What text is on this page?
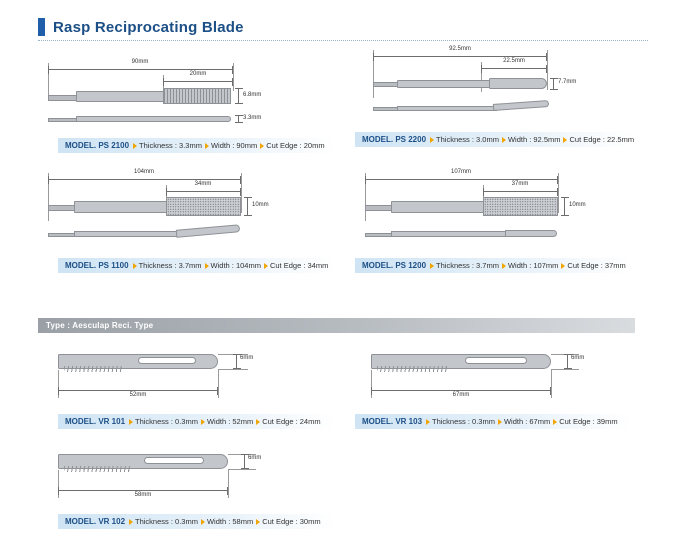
Rasp Reciprocating Blade
90mm
20mm
6.8mm
3.3mm
MODEL. PS 2100 Thickness : 3.3mm Width : 90mm Cut Edge : 20mm
92.5mm
22.5mm
7.7mm
MODEL. PS 2200 Thickness : 3.0mm Width : 92.5mm Cut Edge : 22.5mm
104mm
34mm
10mm
MODEL. PS 1100 Thickness : 3.7mm Width : 104mm Cut Edge : 34mm
107mm
37mm
10mm
MODEL. PS 1200 Thickness : 3.7mm Width : 107mm Cut Edge : 37mm
Type : Aesculap Reci. Type
52mm
6mm
MODEL. VR 101 Thickness : 0.3mm Width : 52mm Cut Edge : 24mm
67mm
6mm
MODEL. VR 103 Thickness : 0.3mm Width : 67mm Cut Edge : 39mm
58mm
6mm
MODEL. VR 102 Thickness : 0.3mm Width : 58mm Cut Edge : 30mm
